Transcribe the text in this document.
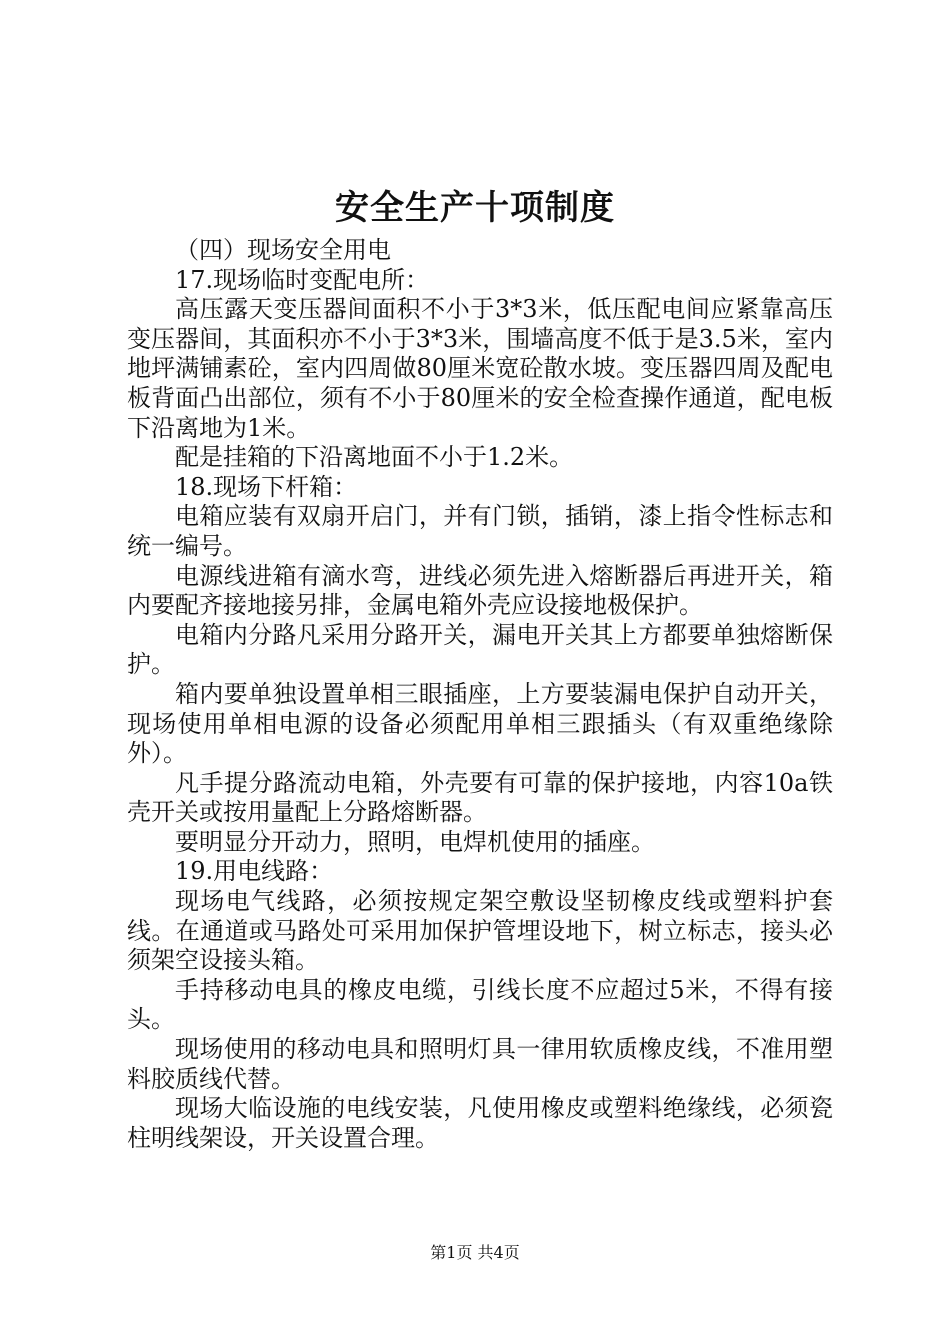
安全生产十项制度

（四）现场安全用电

17.现场临时变配电所：

高压露天变压器间面积不小于3*3米，低压配电间应紧靠高压变压器间，其面积亦不小于3*3米，围墙高度不低于是3.5米，室内地坪满铺素砼，室内四周做80厘米宽砼散水坡。变压器四周及配电板背面凸出部位，须有不小于80厘米的安全检查操作通道，配电板下沿离地为1米。

配是挂箱的下沿离地面不小于1.2米。

18.现场下杆箱：

电箱应装有双扇开启门，并有门锁，插销，漆上指令性标志和统一编号。

电源线进箱有滴水弯，进线必须先进入熔断器后再进开关，箱内要配齐接地接另排，金属电箱外壳应设接地极保护。

电箱内分路凡采用分路开关，漏电开关其上方都要单独熔断保护。

箱内要单独设置单相三眼插座，上方要装漏电保护自动开关，现场使用单相电源的设备必须配用单相三跟插头（有双重绝缘除外）。

凡手提分路流动电箱，外壳要有可靠的保护接地，内容10a铁壳开关或按用量配上分路熔断器。

要明显分开动力，照明，电焊机使用的插座。

19.用电线路：

现场电气线路，必须按规定架空敷设坚韧橡皮线或塑料护套线。在通道或马路处可采用加保护管埋设地下，树立标志，接头必须架空设接头箱。

手持移动电具的橡皮电缆，引线长度不应超过5米，不得有接头。

现场使用的移动电具和照明灯具一律用软质橡皮线，不准用塑料胶质线代替。

现场大临设施的电线安装，凡使用橡皮或塑料绝缘线，必须瓷柱明线架设，开关设置合理。

第1页 共4页
